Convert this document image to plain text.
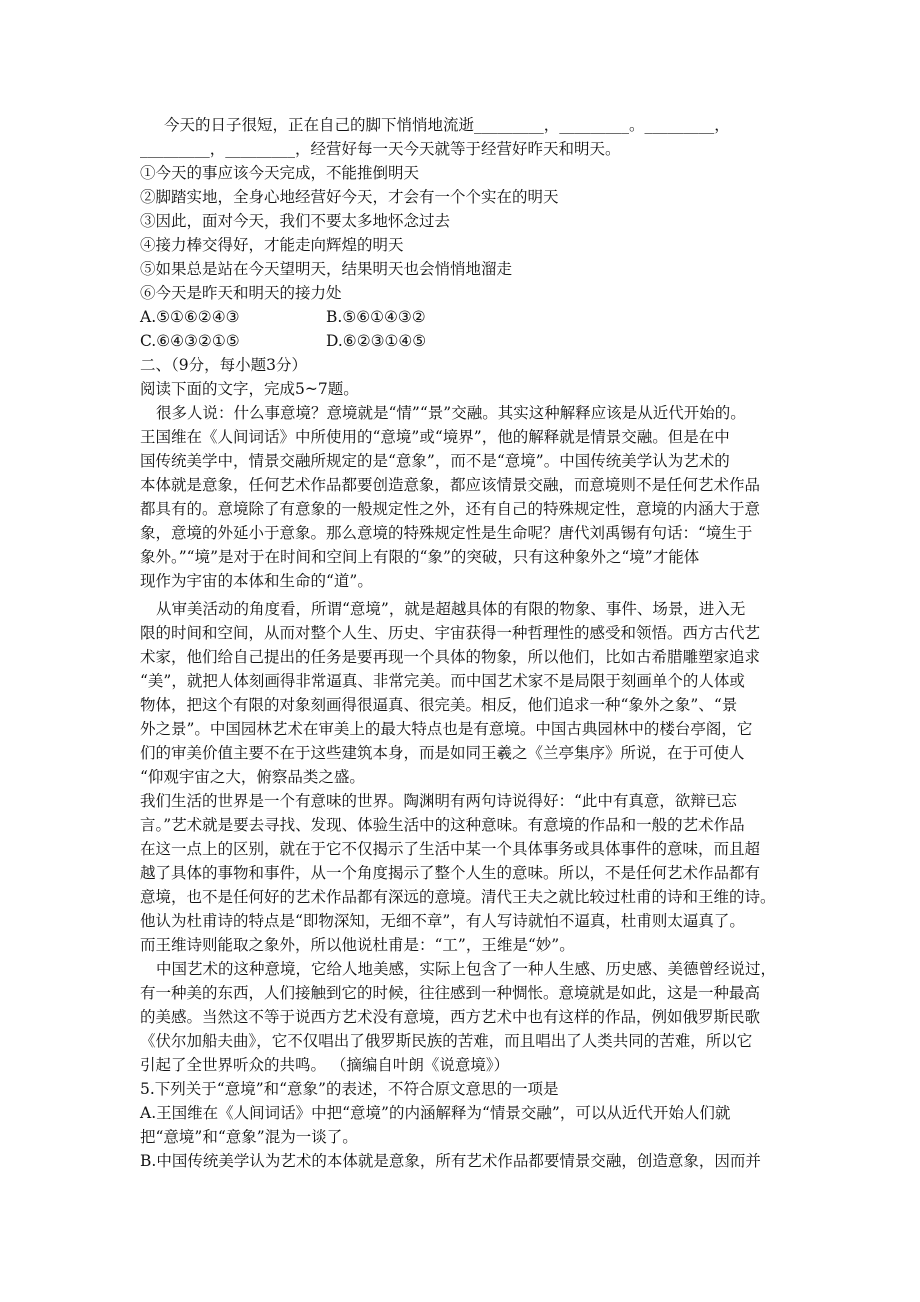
今天的日子很短，正在自己的脚下悄悄地流逝_________，_________。_________，
_________，_________，经营好每一天今天就等于经营好昨天和明天。
①今天的事应该今天完成，不能推倒明天
②脚踏实地，全身心地经营好今天，才会有一个个实在的明天
③因此，面对今天，我们不要太多地怀念过去
④接力棒交得好，才能走向辉煌的明天
⑤如果总是站在今天望明天，结果明天也会悄悄地溜走
⑥今天是昨天和明天的接力处
A.⑤①⑥②④③	B.⑤⑥①④③②
C.⑥④③②①⑤	D.⑥②③①④⑤
二、（9分，每小题3分）
阅读下面的文字，完成5~7题。
很多人说：什么事意境？意境就是“情”“景”交融。其实这种解释应该是从近代开始的。
王国维在《人间词话》中所使用的“意境”或“境界”，他的解释就是情景交融。但是在中
国传统美学中，情景交融所规定的是“意象”，而不是“意境”。中国传统美学认为艺术的
本体就是意象，任何艺术作品都要创造意象，都应该情景交融，而意境则不是任何艺术作品
都具有的。意境除了有意象的一般规定性之外，还有自己的特殊规定性，意境的内涵大于意
象，意境的外延小于意象。那么意境的特殊规定性是生命呢？唐代刘禹锡有句话：“境生于
象外。”“境”是对于在时间和空间上有限的“象”的突破，只有这种象外之“境”才能体
现作为宇宙的本体和生命的“道”。
从审美活动的角度看，所谓“意境”，就是超越具体的有限的物象、事件、场景，进入无
限的时间和空间，从而对整个人生、历史、宇宙获得一种哲理性的感受和领悟。西方古代艺
术家，他们给自己提出的任务是要再现一个具体的物象，所以他们，比如古希腊雕塑家追求
“美”，就把人体刻画得非常逼真、非常完美。而中国艺术家不是局限于刻画单个的人体或
物体，把这个有限的对象刻画得很逼真、很完美。相反，他们追求一种“象外之象”、“景
外之景”。中国园林艺术在审美上的最大特点也是有意境。中国古典园林中的楼台亭阁，它
们的审美价值主要不在于这些建筑本身，而是如同王羲之《兰亭集序》所说，在于可使人
“仰观宇宙之大，俯察品类之盛。
我们生活的世界是一个有意味的世界。陶渊明有两句诗说得好：“此中有真意，欲辩已忘
言。”艺术就是要去寻找、发现、体验生活中的这种意味。有意境的作品和一般的艺术作品
在这一点上的区别，就在于它不仅揭示了生活中某一个具体事务或具体事件的意味，而且超
越了具体的事物和事件，从一个角度揭示了整个人生的意味。所以，不是任何艺术作品都有
意境，也不是任何好的艺术作品都有深远的意境。清代王夫之就比较过杜甫的诗和王维的诗。
他认为杜甫诗的特点是“即物深知，无细不章”，有人写诗就怕不逼真，杜甫则太逼真了。
而王维诗则能取之象外，所以他说杜甫是：“工”，王维是“妙”。
中国艺术的这种意境，它给人地美感，实际上包含了一种人生感、历史感、美德曾经说过，
有一种美的东西，人们接触到它的时候，往往感到一种惆怅。意境就是如此，这是一种最高
的美感。当然这不等于说西方艺术没有意境，西方艺术中也有这样的作品，例如俄罗斯民歌
《伏尔加船夫曲》，它不仅唱出了俄罗斯民族的苦难，而且唱出了人类共同的苦难，所以它
引起了全世界听众的共鸣。 （摘编自叶朗《说意境》）
5.下列关于“意境”和“意象”的表述，不符合原文意思的一项是
A.王国维在《人间词话》中把“意境”的内涵解释为“情景交融”，可以从近代开始人们就
把“意境”和“意象”混为一谈了。
B.中国传统美学认为艺术的本体就是意象，所有艺术作品都要情景交融，创造意象，因而并
